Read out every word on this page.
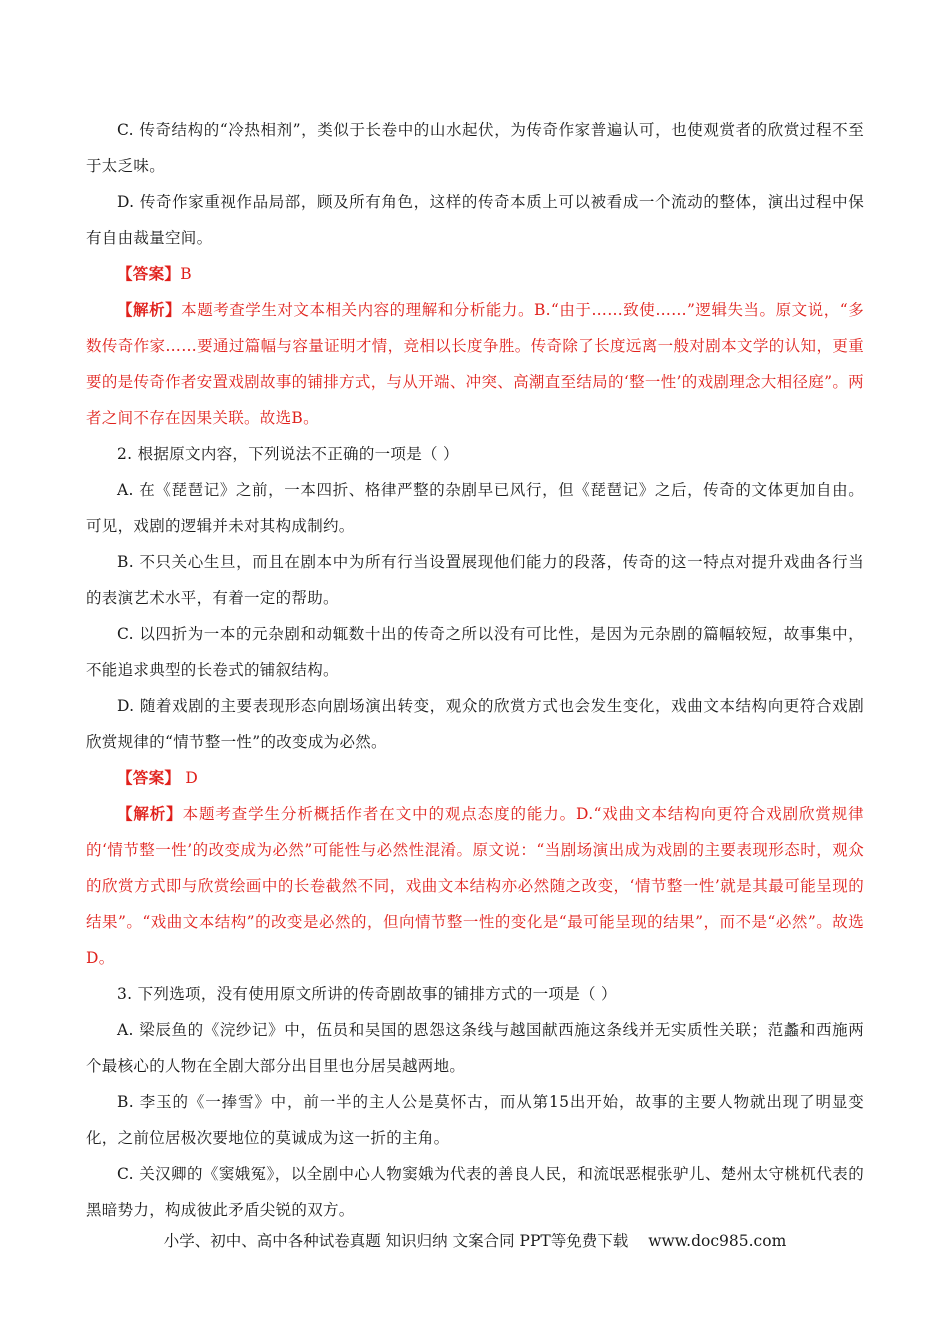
C. 传奇结构的“冷热相剂”，类似于长卷中的山水起伏，为传奇作家普遍认可，也使观赏者的欣赏过程不至于太乏味。

D. 传奇作家重视作品局部，顾及所有角色，这样的传奇本质上可以被看成一个流动的整体，演出过程中保有自由裁量空间。

【答案】B

【解析】本题考查学生对文本相关内容的理解和分析能力。B.“由于……致使……”逻辑失当。原文说，“多数传奇作家……要通过篇幅与容量证明才情，竞相以长度争胜。传奇除了长度远离一般对剧本文学的认知，更重要的是传奇作者安置戏剧故事的铺排方式，与从开端、冲突、高潮直至结局的‘整一性’的戏剧理念大相径庭”。两者之间不存在因果关联。故选B。

2. 根据原文内容，下列说法不正确的一项是（ ）

A. 在《琵琶记》之前，一本四折、格律严整的杂剧早已风行，但《琵琶记》之后，传奇的文体更加自由。可见，戏剧的逻辑并未对其构成制约。

B. 不只关心生旦，而且在剧本中为所有行当设置展现他们能力的段落，传奇的这一特点对提升戏曲各行当的表演艺术水平，有着一定的帮助。

C. 以四折为一本的元杂剧和动辄数十出的传奇之所以没有可比性，是因为元杂剧的篇幅较短，故事集中，不能追求典型的长卷式的铺叙结构。

D. 随着戏剧的主要表现形态向剧场演出转变，观众的欣赏方式也会发生变化，戏曲文本结构向更符合戏剧欣赏规律的“情节整一性”的改变成为必然。

【答案】 D

【解析】本题考查学生分析概括作者在文中的观点态度的能力。D.“戏曲文本结构向更符合戏剧欣赏规律的‘情节整一性’的改变成为必然”可能性与必然性混淆。原文说：“当剧场演出成为戏剧的主要表现形态时，观众的欣赏方式即与欣赏绘画中的长卷截然不同，戏曲文本结构亦必然随之改变，‘情节整一性’就是其最可能呈现的结果”。“戏曲文本结构”的改变是必然的，但向情节整一性的变化是“最可能呈现的结果”，而不是“必然”。故选D。

3. 下列选项，没有使用原文所讲的传奇剧故事的铺排方式的一项是（ ）

A. 梁辰鱼的《浣纱记》中，伍员和吴国的恩怨这条线与越国献西施这条线并无实质性关联；范蠡和西施两个最核心的人物在全剧大部分出目里也分居吴越两地。

B. 李玉的《一捧雪》中，前一半的主人公是莫怀古，而从第15出开始，故事的主要人物就出现了明显变化，之前位居极次要地位的莫诚成为这一折的主角。

C. 关汉卿的《窦娥冤》，以全剧中心人物窦娥为代表的善良人民，和流氓恶棍张驴儿、楚州太守桃杌代表的黑暗势力，构成彼此矛盾尖锐的双方。

小学、初中、高中各种试卷真题 知识归纳 文案合同 PPT等免费下载 www.doc985.com
